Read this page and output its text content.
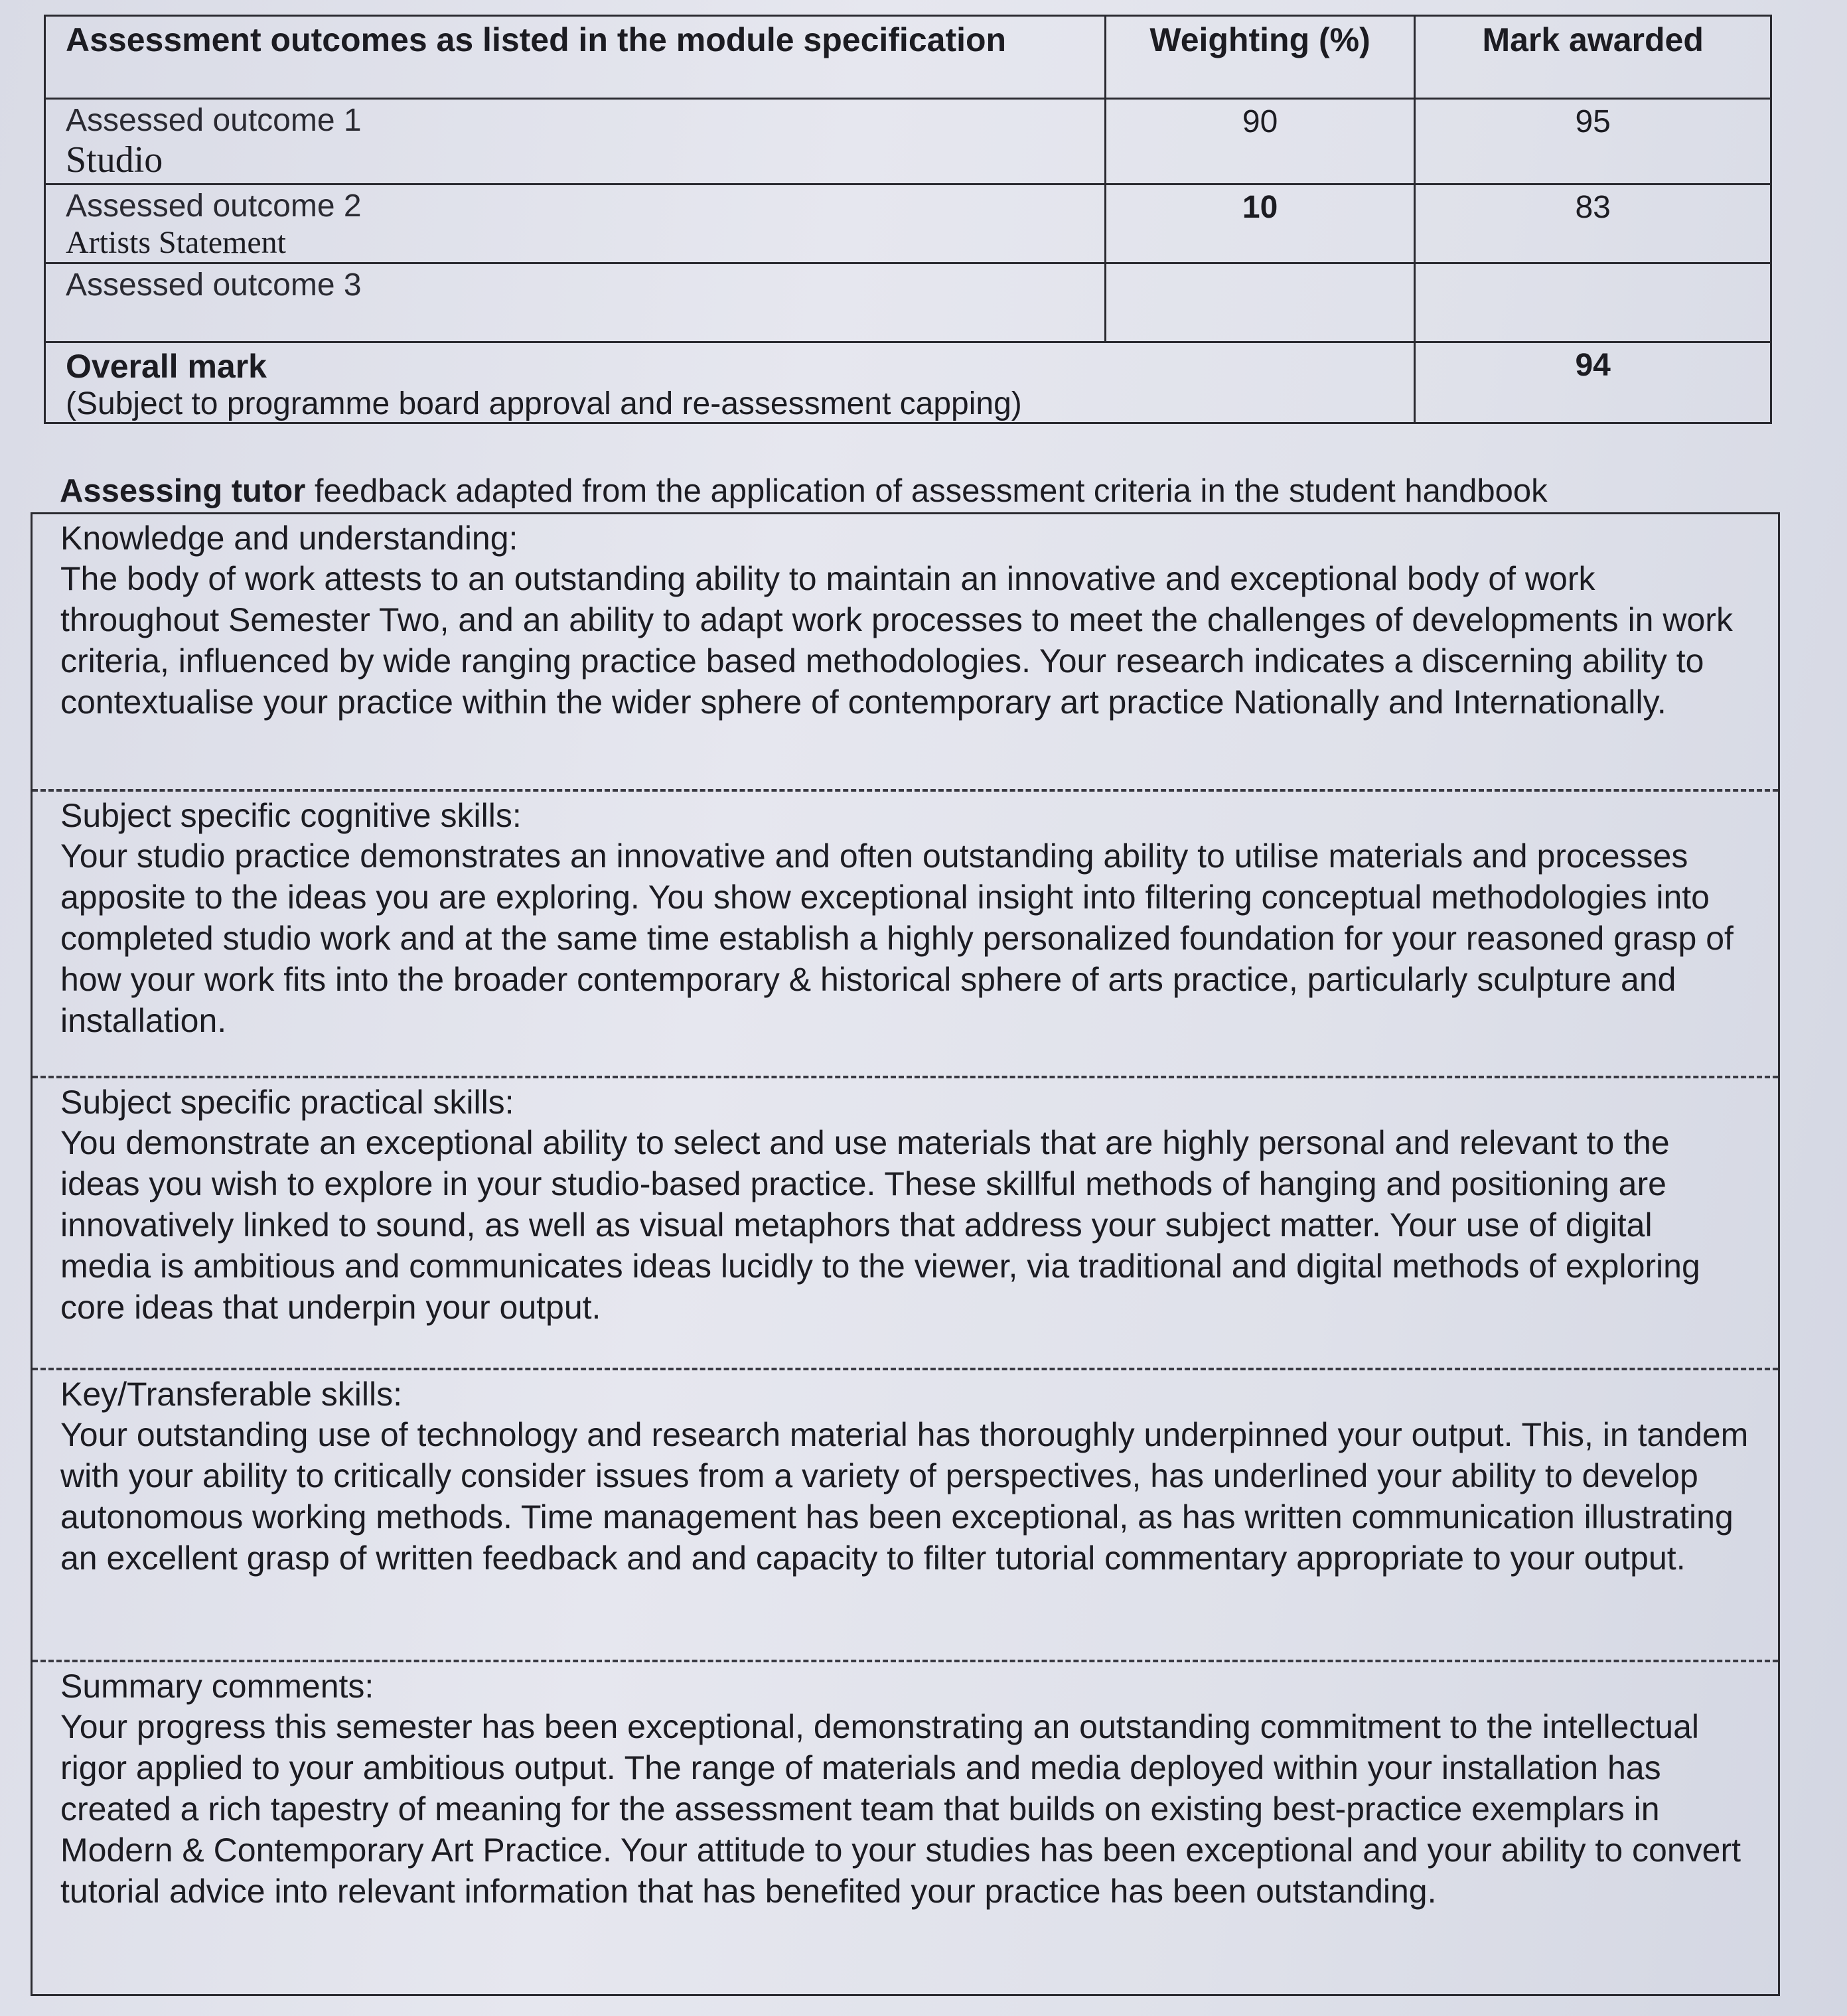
Assessment outcomes as listed in the module specification	Weighting (%)	Mark awarded

Assessed outcome 1
Studio	90	95

Assessed outcome 2
Artists Statement	10	83

Assessed outcome 3		

Overall mark
(Subject to programme board approval and re-assessment capping)		94
Assessing tutor feedback adapted from the application of assessment criteria in the student handbook
Knowledge and understanding:
The body of work attests to an outstanding ability to maintain an innovative and exceptional body of work throughout Semester Two, and an ability to adapt work processes to meet the challenges of developments in work criteria, influenced by wide ranging practice based methodologies. Your research indicates a discerning ability to contextualise your practice within the wider sphere of contemporary art practice Nationally and Internationally.
Subject specific cognitive skills:
Your studio practice demonstrates an innovative and often outstanding ability to utilise materials and processes apposite to the ideas you are exploring. You show exceptional insight into filtering conceptual methodologies into completed studio work and at the same time establish a highly personalized foundation for your reasoned grasp of how your work fits into the broader contemporary & historical sphere of arts practice, particularly sculpture and installation.
Subject specific practical skills:
You demonstrate an exceptional ability to select and use materials that are highly personal and relevant to the ideas you wish to explore in your studio-based practice. These skillful methods of hanging and positioning are innovatively linked to sound, as well as visual metaphors that address your subject matter. Your use of digital media is ambitious and communicates ideas lucidly to the viewer, via traditional and digital methods of exploring core ideas that underpin your output.
Key/Transferable skills:
Your outstanding use of technology and research material has thoroughly underpinned your output. This, in tandem with your ability to critically consider issues from a variety of perspectives, has underlined your ability to develop autonomous working methods. Time management has been exceptional, as has written communication illustrating an excellent grasp of written feedback and and capacity to filter tutorial commentary appropriate to your output.
Summary comments:
Your progress this semester has been exceptional, demonstrating an outstanding commitment to the intellectual rigor applied to your ambitious output. The range of materials and media deployed within your installation has created a rich tapestry of meaning for the assessment team that builds on existing best-practice exemplars in Modern & Contemporary Art Practice. Your attitude to your studies has been exceptional and your ability to convert tutorial advice into relevant information that has benefited your practice has been outstanding.
